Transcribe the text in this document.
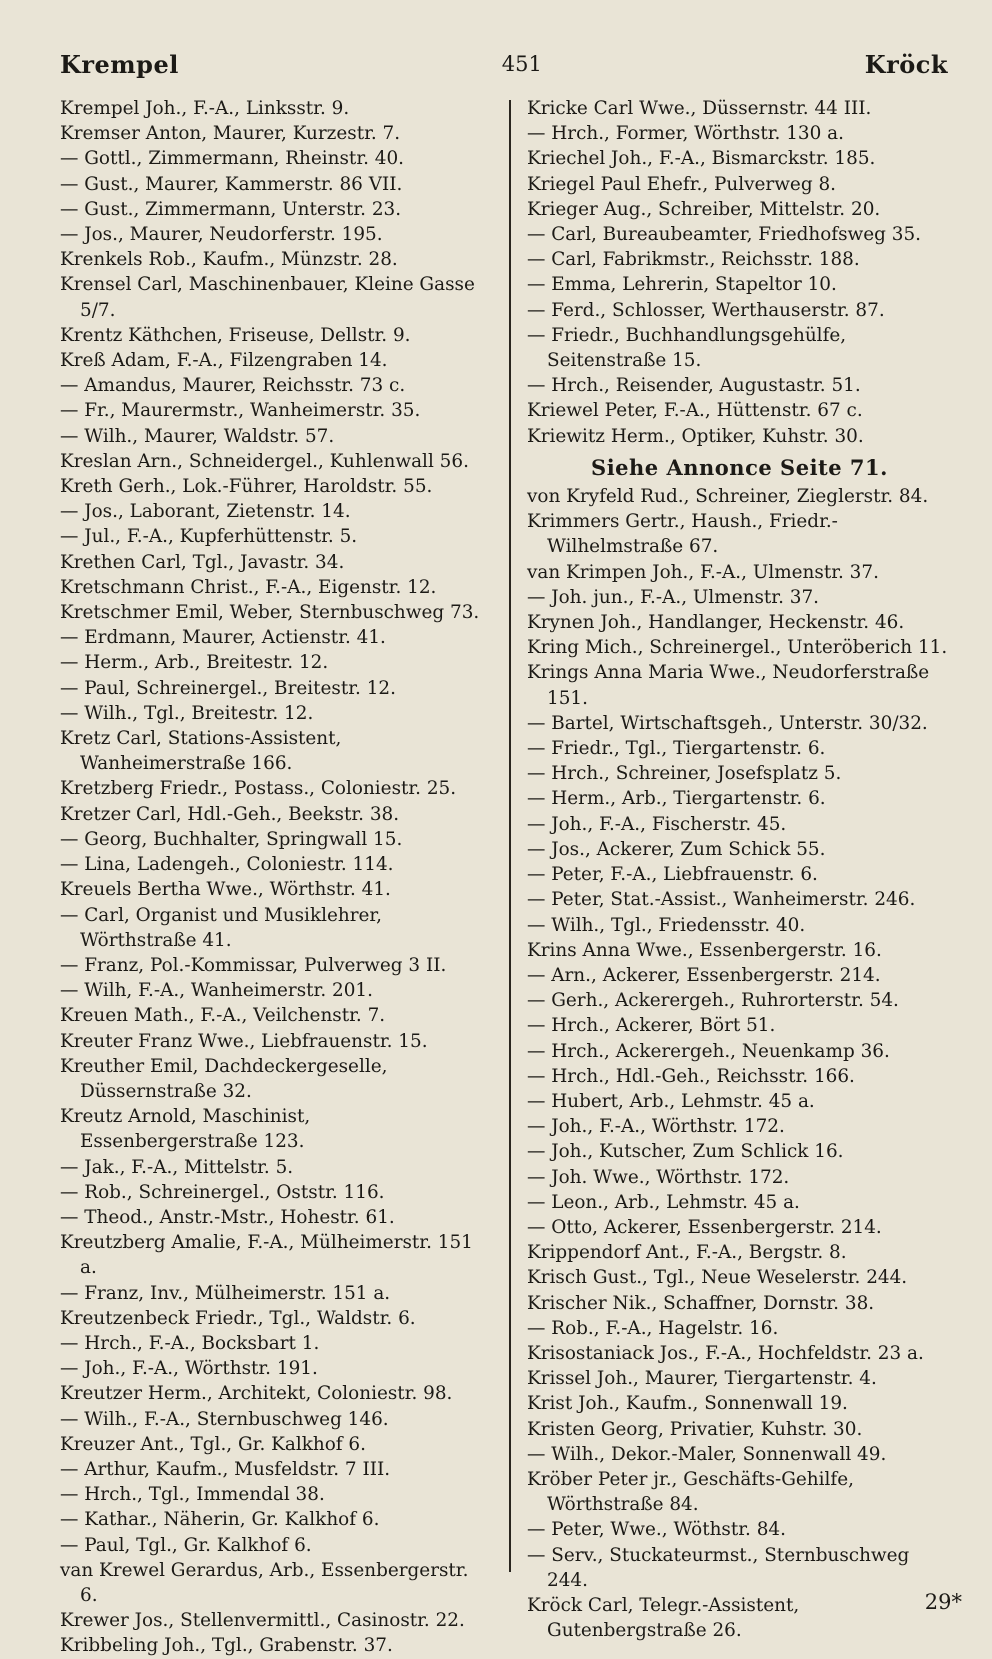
Krempel	451	Kröck
Krempel Joh., F.-A., Linksstr. 9.
Kremser Anton, Maurer, Kurzestr. 7.
— Gottl., Zimmermann, Rheinstr. 40.
— Gust., Maurer, Kammerstr. 86 VII.
— Gust., Zimmermann, Unterstr. 23.
— Jos., Maurer, Neudorferstr. 195.
Krenkels Rob., Kaufm., Münzstr. 28.
Krensel Carl, Maschinenbauer, Kleine Gasse 5/7.
Krentz Käthchen, Friseuse, Dellstr. 9.
Kreß Adam, F.-A., Filzengraben 14.
— Amandus, Maurer, Reichsstr. 73 c.
— Fr., Maurermstr., Wanheimerstr. 35.
— Wilh., Maurer, Waldstr. 57.
Kreslan Arn., Schneidergel., Kuhlenwall 56.
Kreth Gerh., Lok.-Führer, Haroldstr. 55.
— Jos., Laborant, Zietenstr. 14.
— Jul., F.-A., Kupferhüttenstr. 5.
Krethen Carl, Tgl., Javastr. 34.
Kretschmann Christ., F.-A., Eigenstr. 12.
Kretschmer Emil, Weber, Sternbuschweg 73.
— Erdmann, Maurer, Actienstr. 41.
— Herm., Arb., Breitestr. 12.
— Paul, Schreinergel., Breitestr. 12.
— Wilh., Tgl., Breitestr. 12.
Kretz Carl, Stations-Assistent, Wanheimerstraße 166.
Kretzberg Friedr., Postass., Coloniestr. 25.
Kretzer Carl, Hdl.-Geh., Beekstr. 38.
— Georg, Buchhalter, Springwall 15.
— Lina, Ladengeh., Coloniestr. 114.
Kreuels Bertha Wwe., Wörthstr. 41.
— Carl, Organist und Musiklehrer, Wörthstraße 41.
— Franz, Pol.-Kommissar, Pulverweg 3 II.
— Wilh, F.-A., Wanheimerstr. 201.
Kreuen Math., F.-A., Veilchenstr. 7.
Kreuter Franz Wwe., Liebfrauenstr. 15.
Kreuther Emil, Dachdeckergeselle, Düssernstraße 32.
Kreutz Arnold, Maschinist, Essenbergerstraße 123.
— Jak., F.-A., Mittelstr. 5.
— Rob., Schreinergel., Oststr. 116.
— Theod., Anstr.-Mstr., Hohestr. 61.
Kreutzberg Amalie, F.-A., Mülheimerstr. 151 a.
— Franz, Inv., Mülheimerstr. 151 a.
Kreutzenbeck Friedr., Tgl., Waldstr. 6.
— Hrch., F.-A., Bocksbart 1.
— Joh., F.-A., Wörthstr. 191.
Kreutzer Herm., Architekt, Coloniestr. 98.
— Wilh., F.-A., Sternbuschweg 146.
Kreuzer Ant., Tgl., Gr. Kalkhof 6.
— Arthur, Kaufm., Musfeldstr. 7 III.
— Hrch., Tgl., Immendal 38.
— Kathar., Näherin, Gr. Kalkhof 6.
— Paul, Tgl., Gr. Kalkhof 6.
van Krewel Gerardus, Arb., Essenbergerstr. 6.
Krewer Jos., Stellenvermittl., Casinostr. 22.
Kribbeling Joh., Tgl., Grabenstr. 37.
Kricke Carl Wwe., Düssernstr. 44 III.
— Hrch., Former, Wörthstr. 130 a.
Kriechel Joh., F.-A., Bismarckstr. 185.
Kriegel Paul Ehefr., Pulverweg 8.
Krieger Aug., Schreiber, Mittelstr. 20.
— Carl, Bureaubeamter, Friedhofsweg 35.
— Carl, Fabrikmstr., Reichsstr. 188.
— Emma, Lehrerin, Stapeltor 10.
— Ferd., Schlosser, Werthauserstr. 87.
— Friedr., Buchhandlungsgehülfe, Seitenstraße 15.
— Hrch., Reisender, Augustastr. 51.
Kriewel Peter, F.-A., Hüttenstr. 67 c.
Kriewitz Herm., Optiker, Kuhstr. 30.
Siehe Annonce Seite 71.
von Kryfeld Rud., Schreiner, Zieglerstr. 84.
Krimmers Gertr., Haush., Friedr.-Wilhelmstraße 67.
van Krimpen Joh., F.-A., Ulmenstr. 37.
— Joh. jun., F.-A., Ulmenstr. 37.
Krynen Joh., Handlanger, Heckenstr. 46.
Kring Mich., Schreinergel., Unteröberich 11.
Krings Anna Maria Wwe., Neudorferstraße 151.
— Bartel, Wirtschaftsgeh., Unterstr. 30/32.
— Friedr., Tgl., Tiergartenstr. 6.
— Hrch., Schreiner, Josefsplatz 5.
— Herm., Arb., Tiergartenstr. 6.
— Joh., F.-A., Fischerstr. 45.
— Jos., Ackerer, Zum Schick 55.
— Peter, F.-A., Liebfrauenstr. 6.
— Peter, Stat.-Assist., Wanheimerstr. 246.
— Wilh., Tgl., Friedensstr. 40.
Krins Anna Wwe., Essenbergerstr. 16.
— Arn., Ackerer, Essenbergerstr. 214.
— Gerh., Ackerergeh., Ruhrorterstr. 54.
— Hrch., Ackerer, Bört 51.
— Hrch., Ackerergeh., Neuenkamp 36.
— Hrch., Hdl.-Geh., Reichsstr. 166.
— Hubert, Arb., Lehmstr. 45 a.
— Joh., F.-A., Wörthstr. 172.
— Joh., Kutscher, Zum Schlick 16.
— Joh. Wwe., Wörthstr. 172.
— Leon., Arb., Lehmstr. 45 a.
— Otto, Ackerer, Essenbergerstr. 214.
Krippendorf Ant., F.-A., Bergstr. 8.
Krisch Gust., Tgl., Neue Weselerstr. 244.
Krischer Nik., Schaffner, Dornstr. 38.
— Rob., F.-A., Hagelstr. 16.
Krisostaniack Jos., F.-A., Hochfeldstr. 23 a.
Krissel Joh., Maurer, Tiergartenstr. 4.
Krist Joh., Kaufm., Sonnenwall 19.
Kristen Georg, Privatier, Kuhstr. 30.
— Wilh., Dekor.-Maler, Sonnenwall 49.
Kröber Peter jr., Geschäfts-Gehilfe, Wörthstraße 84.
— Peter, Wwe., Wöthstr. 84.
— Serv., Stuckateurmst., Sternbuschweg 244.
Kröck Carl, Telegr.-Assistent, Gutenbergstraße 26.
29*
